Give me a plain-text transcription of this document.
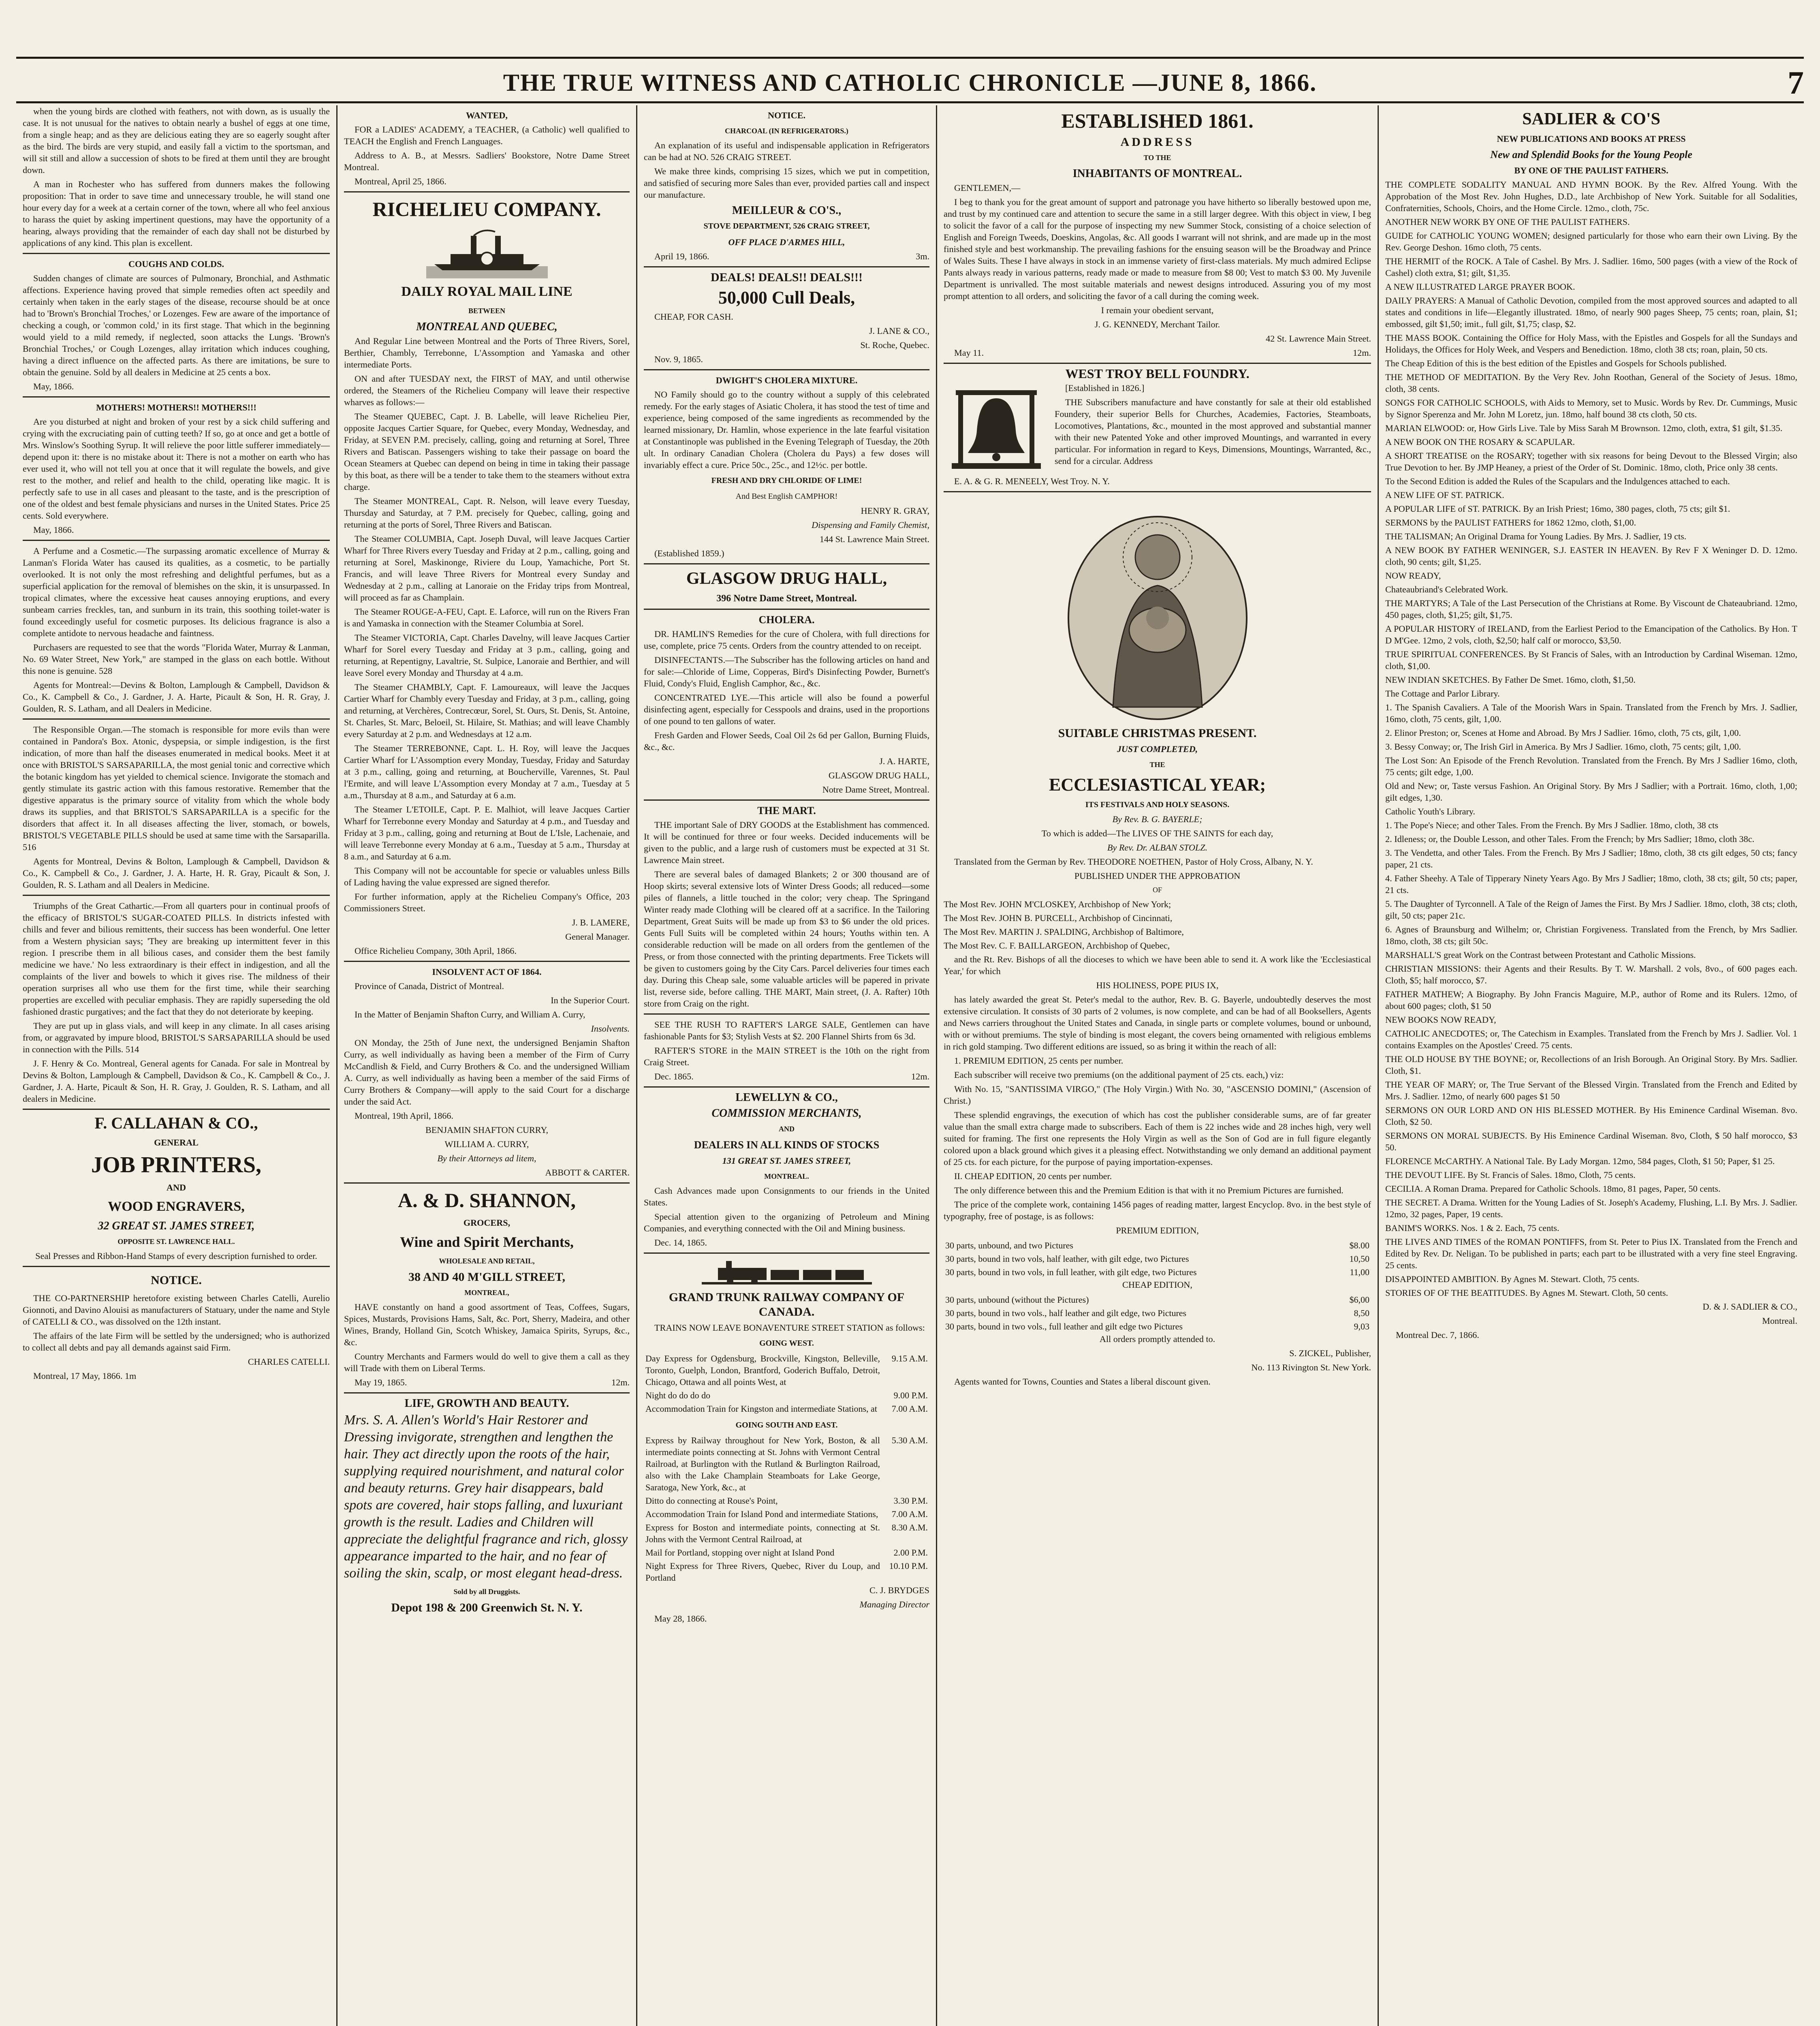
THE TRUE WITNESS AND CATHOLIC CHRONICLE —JUNE 8, 1866.	7

when the young birds are clothed with feathers, not with down, as is usually the case. It is not unusual for the natives to obtain nearly a bushel of eggs at one time, from a single heap; and as they are delicious eating they are so eagerly sought after as the bird. The birds are very stupid, and easily fall a victim to the sportsman, and will sit still and allow a succession of shots to be fired at them until they are brought down.

A man in Rochester who has suffered from dunners makes the following proposition: That in order to save time and unnecessary trouble, he will stand one hour every day for a week at a certain corner of the town, where all who feel anxious to harass the quiet by asking impertinent questions, may have the opportunity of a hearing, always providing that the remainder of each day shall not be disturbed by applications of any kind. This plan is excellent.

COUGHS AND COLDS.

Sudden changes of climate are sources of Pulmonary, Bronchial, and Asthmatic affections. Experience having proved that simple remedies often act speedily and certainly when taken in the early stages of the disease, recourse should be at once had to 'Brown's Bronchial Troches,' or Lozenges. Few are aware of the importance of checking a cough, or 'common cold,' in its first stage. That which in the beginning would yield to a mild remedy, if neglected, soon attacks the Lungs. 'Brown's Bronchial Troches,' or Cough Lozenges, allay irritation which induces coughing, having a direct influence on the affected parts. As there are imitations, be sure to obtain the genuine. Sold by all dealers in Medicine at 25 cents a box.

May, 1866.

MOTHERS! MOTHERS!! MOTHERS!!!

Are you disturbed at night and broken of your rest by a sick child suffering and crying with the excruciating pain of cutting teeth? If so, go at once and get a bottle of Mrs. Winslow's Soothing Syrup. It will relieve the poor little sufferer immediately—depend upon it: there is no mistake about it: There is not a mother on earth who has ever used it, who will not tell you at once that it will regulate the bowels, and give rest to the mother, and relief and health to the child, operating like magic. It is perfectly safe to use in all cases and pleasant to the taste, and is the prescription of one of the oldest and best female physicians and nurses in the United States. Price 25 cents. Sold everywhere.

May, 1866.

A Perfume and a Cosmetic.—The surpassing aromatic excellence of Murray & Lanman's Florida Water has caused its qualities, as a cosmetic, to be partially overlooked. It is not only the most refreshing and delightful perfumes, but as a superficial application for the removal of blemishes on the skin, it is unsurpassed. In tropical climates, where the excessive heat causes annoying eruptions, and every sunbeam carries freckles, tan, and sunburn in its train, this soothing toilet-water is found exceedingly useful for cosmetic purposes. Its delicious fragrance is also a complete antidote to nervous headache and faintness.

Purchasers are requested to see that the words "Florida Water, Murray & Lanman, No. 69 Water Street, New York," are stamped in the glass on each bottle. Without this none is genuine. 528

Agents for Montreal:—Devins & Bolton, Lamplough & Campbell, Davidson & Co., K. Campbell & Co., J. Gardner, J. A. Harte, Picault & Son, H. R. Gray, J. Goulden, R. S. Latham, and all Dealers in Medicine.

The Responsible Organ.—The stomach is responsible for more evils than were contained in Pandora's Box. Atonic, dyspepsia, or simple indigestion, is the first indication, of more than half the diseases enumerated in medical books. Meet it at once with BRISTOL'S SARSAPARILLA, the most genial tonic and corrective which the botanic kingdom has yet yielded to chemical science. Invigorate the stomach and gently stimulate its gastric action with this famous restorative. Remember that the digestive apparatus is the primary source of vitality from which the whole body draws its supplies, and that BRISTOL'S SARSAPARILLA is a specific for the disorders that affect it. In all diseases affecting the liver, stomach, or bowels, BRISTOL'S VEGETABLE PILLS should be used at same time with the Sarsaparilla. 516

Agents for Montreal, Devins & Bolton, Lamplough & Campbell, Davidson & Co., K. Campbell & Co., J. Gardner, J. A. Harte, H. R. Gray, Picault & Son, J. Goulden, R. S. Latham and all Dealers in Medicine.

Triumphs of the Great Cathartic.—From all quarters pour in continual proofs of the efficacy of BRISTOL'S SUGAR-COATED PILLS. In districts infested with chills and fever and bilious remittents, their success has been wonderful. One letter from a Western physician says; 'They are breaking up intermittent fever in this region. I prescribe them in all bilious cases, and consider them the best family medicine we have.' No less extraordinary is their effect in indigestion, and all the complaints of the liver and bowels to which it gives rise. The mildness of their operation surprises all who use them for the first time, while their searching properties are excelled with peculiar emphasis. They are rapidly superseding the old fashioned drastic purgatives; and the fact that they do not deteriorate by keeping.

They are put up in glass vials, and will keep in any climate. In all cases arising from, or aggravated by impure blood, BRISTOL'S SARSAPARILLA should be used in connection with the Pills. 514

J. F. Henry & Co. Montreal, General agents for Canada. For sale in Montreal by Devins & Bolton, Lamplough & Campbell, Davidson & Co., K. Campbell & Co., J. Gardner, J. A. Harte, Picault & Son, H. R. Gray, J. Goulden, R. S. Latham, and all dealers in Medicine.

F. CALLAHAN & CO.,
GENERAL
JOB PRINTERS,
AND
WOOD ENGRAVERS,
32 GREAT ST. JAMES STREET,
OPPOSITE ST. LAWRENCE HALL.

Seal Presses and Ribbon-Hand Stamps of every description furnished to order.

NOTICE.

THE CO-PARTNERSHIP heretofore existing between Charles Catelli, Aurelio Gionnoti, and Davino Alouisi as manufacturers of Statuary, under the name and Style of CATELLI & CO., was dissolved on the 12th instant.

The affairs of the late Firm will be settled by the undersigned; who is authorized to collect all debts and pay all demands against said Firm.

CHARLES CATELLI.

Montreal, 17 May, 1866. 1m

WANTED,

FOR a LADIES' ACADEMY, a TEACHER, (a Catholic) well qualified to TEACH the English and French Languages.

Address to A. B., at Messrs. Sadliers' Bookstore, Notre Dame Street Montreal.

Montreal, April 25, 1866.

RICHELIEU COMPANY.
DAILY ROYAL MAIL LINE
BETWEEN
MONTREAL AND QUEBEC,

And Regular Line between Montreal and the Ports of Three Rivers, Sorel, Berthier, Chambly, Terrebonne, L'Assomption and Yamaska and other intermediate Ports.

ON and after TUESDAY next, the FIRST of MAY, and until otherwise ordered, the Steamers of the Richelieu Company will leave their respective wharves as follows:—

The Steamer QUEBEC, Capt. J. B. Labelle, will leave Richelieu Pier, opposite Jacques Cartier Square, for Quebec, every Monday, Wednesday, and Friday, at SEVEN P.M. precisely, calling, going and returning at Sorel, Three Rivers and Batiscan. Passengers wishing to take their passage on board the Ocean Steamers at Quebec can depend on being in time in taking their passage by this boat, as there will be a tender to take them to the steamers without extra charge.

The Steamer MONTREAL, Capt. R. Nelson, will leave every Tuesday, Thursday and Saturday, at 7 P.M. precisely for Quebec, calling, going and returning at the ports of Sorel, Three Rivers and Batiscan.

The Steamer COLUMBIA, Capt. Joseph Duval, will leave Jacques Cartier Wharf for Three Rivers every Tuesday and Friday at 2 p.m., calling, going and returning at Sorel, Maskinonge, Riviere du Loup, Yamachiche, Port St. Francis, and will leave Three Rivers for Montreal every Sunday and Wednesday at 2 p.m., calling at Lanoraie on the Friday trips from Montreal, will proceed as far as Champlain.

The Steamer ROUGE-A-FEU, Capt. E. Laforce, will run on the Rivers Fran is and Yamaska in connection with the Steamer Columbia at Sorel.

The Steamer VICTORIA, Capt. Charles Davelny, will leave Jacques Cartier Wharf for Sorel every Tuesday and Friday at 3 p.m., calling, going and returning, at Repentigny, Lavaltrie, St. Sulpice, Lanoraie and Berthier, and will leave Sorel every Monday and Thursday at 4 a.m.

The Steamer CHAMBLY, Capt. F. Lamoureaux, will leave the Jacques Cartier Wharf for Chambly every Tuesday and Friday, at 3 p.m., calling, going and returning, at Verchères, Contrecœur, Sorel, St. Ours, St. Denis, St. Antoine, St. Charles, St. Marc, Beloeil, St. Hilaire, St. Mathias; and will leave Chambly every Saturday at 2 p.m. and Wednesdays at 12 a.m.

The Steamer TERREBONNE, Capt. L. H. Roy, will leave the Jacques Cartier Wharf for L'Assomption every Monday, Tuesday, Friday and Saturday at 3 p.m., calling, going and returning, at Boucherville, Varennes, St. Paul l'Ermite, and will leave L'Assomption every Monday at 7 a.m., Tuesday at 5 a.m., Thursday at 8 a.m., and Saturday at 6 a.m.

The Steamer L'ETOILE, Capt. P. E. Malhiot, will leave Jacques Cartier Wharf for Terrebonne every Monday and Saturday at 4 p.m., and Tuesday and Friday at 3 p.m., calling, going and returning at Bout de L'Isle, Lachenaie, and will leave Terrebonne every Monday at 6 a.m., Tuesday at 5 a.m., Thursday at 8 a.m., and Saturday at 6 a.m.

This Company will not be accountable for specie or valuables unless Bills of Lading having the value expressed are signed therefor.

For further information, apply at the Richelieu Company's Office, 203 Commissioners Street.

J. B. LAMERE,

General Manager.

Office Richelieu Company, 30th April, 1866.

INSOLVENT ACT OF 1864.

Province of Canada, District of Montreal.

In the Superior Court.

In the Matter of Benjamin Shafton Curry, and William A. Curry,

Insolvents.

ON Monday, the 25th of June next, the undersigned Benjamin Shafton Curry, as well individually as having been a member of the Firm of Curry McCandlish & Field, and Curry Brothers & Co. and the undersigned William A. Curry, as well individually as having been a member of the said Firms of Curry Brothers & Company—will apply to the said Court for a discharge under the said Act.

Montreal, 19th April, 1866.

BENJAMIN SHAFTON CURRY,

WILLIAM A. CURRY,

By their Attorneys ad litem,

ABBOTT & CARTER.

A. & D. SHANNON,
GROCERS,
Wine and Spirit Merchants,
WHOLESALE AND RETAIL,
38 AND 40 M'GILL STREET,
MONTREAL,

HAVE constantly on hand a good assortment of Teas, Coffees, Sugars, Spices, Mustards, Provisions Hams, Salt, &c. Port, Sherry, Madeira, and other Wines, Brandy, Holland Gin, Scotch Whiskey, Jamaica Spirits, Syrups, &c., &c.

Country Merchants and Farmers would do well to give them a call as they will Trade with them on Liberal Terms.

May 19, 1865.	12m.

LIFE, GROWTH AND BEAUTY.

Mrs. S. A. Allen's World's Hair Restorer and Dressing invigorate, strengthen and lengthen the hair. They act directly upon the roots of the hair, supplying required nourishment, and natural color and beauty returns. Grey hair disappears, bald spots are covered, hair stops falling, and luxuriant growth is the result. Ladies and Children will appreciate the delightful fragrance and rich, glossy appearance imparted to the hair, and no fear of soiling the skin, scalp, or most elegant head-dress.

Sold by all Druggists.
Depot 198 & 200 Greenwich St. N. Y.
NOTICE.
CHARCOAL (IN REFRIGERATORS.)

An explanation of its useful and indispensable application in Refrigerators can be had at NO. 526 CRAIG STREET.

We make three kinds, comprising 15 sizes, which we put in competition, and satisfied of securing more Sales than ever, provided parties call and inspect our manufacture.

MEILLEUR & CO'S.,
STOVE DEPARTMENT, 526 CRAIG STREET,
OFF PLACE D'ARMES HILL,

April 19, 1866.	3m.

DEALS! DEALS!! DEALS!!!
50,000 Cull Deals,

CHEAP, FOR CASH.

J. LANE & CO.,

St. Roche, Quebec.

Nov. 9, 1865.

DWIGHT'S CHOLERA MIXTURE.

NO Family should go to the country without a supply of this celebrated remedy. For the early stages of Asiatic Cholera, it has stood the test of time and experience, being composed of the same ingredients as recommended by the learned missionary, Dr. Hamlin, whose experience in the late fearful visitation at Constantinople was published in the Evening Telegraph of Tuesday, the 20th ult. In ordinary Canadian Cholera (Cholera du Pays) a few doses will invariably effect a cure. Price 50c., 25c., and 12½c. per bottle.

FRESH AND DRY CHLORIDE OF LIME!
And Best English CAMPHOR!

HENRY R. GRAY,

Dispensing and Family Chemist,

144 St. Lawrence Main Street.

(Established 1859.)

GLASGOW DRUG HALL,
396 Notre Dame Street, Montreal.
CHOLERA.

DR. HAMLIN'S Remedies for the cure of Cholera, with full directions for use, complete, price 75 cents. Orders from the country attended to on receipt.

DISINFECTANTS.—The Subscriber has the following articles on hand and for sale:—Chloride of Lime, Copperas, Bird's Disinfecting Powder, Burnett's Fluid, Condy's Fluid, English Camphor, &c., &c.

CONCENTRATED LYE.—This article will also be found a powerful disinfecting agent, especially for Cesspools and drains, used in the proportions of one pound to ten gallons of water.

Fresh Garden and Flower Seeds, Coal Oil 2s 6d per Gallon, Burning Fluids, &c., &c.

J. A. HARTE,

GLASGOW DRUG HALL,

Notre Dame Street, Montreal.

THE MART.

THE important Sale of DRY GOODS at the Establishment has commenced. It will be continued for three or four weeks. Decided inducements will be given to the public, and a large rush of customers must be expected at 31 St. Lawrence Main street.

There are several bales of damaged Blankets; 2 or 300 thousand are of Hoop skirts; several extensive lots of Winter Dress Goods; all reduced—some piles of flannels, a little touched in the color; very cheap. The Springand Winter ready made Clothing will be cleared off at a sacrifice. In the Tailoring Department, Great Suits will be made up from $3 to $6 under the old prices. Gents Full Suits will be completed within 24 hours; Youths within ten. A considerable reduction will be made on all orders from the gentlemen of the Press, or from those connected with the printing departments. Free Tickets will be given to customers going by the City Cars. Parcel deliveries four times each day. During this Cheap sale, some valuable articles will be papered in private list, reverse side, before calling. THE MART, Main street, (J. A. Rafter) 10th store from Craig on the right.

SEE THE RUSH TO RAFTER'S LARGE SALE, Gentlemen can have fashionable Pants for $3; Stylish Vests at $2. 200 Flannel Shirts from 6s 3d.

RAFTER'S STORE in the MAIN STREET is the 10th on the right from Craig Street.

Dec. 1865.	12m.

LEWELLYN & CO.,
COMMISSION MERCHANTS,
AND
DEALERS IN ALL KINDS OF STOCKS
131 GREAT ST. JAMES STREET,
MONTREAL.

Cash Advances made upon Consignments to our friends in the United States.

Special attention given to the organizing of Petroleum and Mining Companies, and everything connected with the Oil and Mining business.

Dec. 14, 1865.

GRAND TRUNK RAILWAY COMPANY OF CANADA.

TRAINS NOW LEAVE BONAVENTURE STREET STATION as follows:

GOING WEST.
Day Express for Ogdensburg, Brockville, Kingston, Belleville, Toronto, Guelph, London, Brantford, Goderich Buffalo, Detroit, Chicago, Ottawa and all points West, at	9.15 A.M.
Night do do do do	9.00 P.M.
Accommodation Train for Kingston and intermediate Stations, at	7.00 A.M.
GOING SOUTH AND EAST.
Express by Railway throughout for New York, Boston, & all intermediate points connecting at St. Johns with Vermont Central Railroad, at Burlington with the Rutland & Burlington Railroad, also with the Lake Champlain Steamboats for Lake George, Saratoga, New York, &c., at	5.30 A.M.
Ditto do connecting at Rouse's Point,	3.30 P.M.
Accommodation Train for Island Pond and intermediate Stations,	7.00 A.M.
Express for Boston and intermediate points, connecting at St. Johns with the Vermont Central Railroad, at	8.30 A.M.
Mail for Portland, stopping over night at Island Pond	2.00 P.M.
Night Express for Three Rivers, Quebec, River du Loup, and Portland	10.10 P.M.

C. J. BRYDGES

Managing Director

May 28, 1866.

ESTABLISHED 1861.
ADDRESS
TO THE
INHABITANTS OF MONTREAL.

GENTLEMEN,—

I beg to thank you for the great amount of support and patronage you have hitherto so liberally bestowed upon me, and trust by my continued care and attention to secure the same in a still larger degree. With this object in view, I beg to solicit the favor of a call for the purpose of inspecting my new Summer Stock, consisting of a choice selection of English and Foreign Tweeds, Doeskins, Angolas, &c. All goods I warrant will not shrink, and are made up in the most finished style and best workmanship. The prevailing fashions for the ensuing season will be the Broadway and Prince of Wales Suits. These I have always in stock in an immense variety of first-class materials. My much admired Eclipse Pants always ready in various patterns, ready made or made to measure from $8 00; Vest to match $3 00. My Juvenile Department is unrivalled. The most suitable materials and newest designs introduced. Assuring you of my most prompt attention to all orders, and soliciting the favor of a call during the coming week.

I remain your obedient servant,

J. G. KENNEDY, Merchant Tailor.

42 St. Lawrence Main Street.

May 11.	12m.

WEST TROY BELL FOUNDRY.

[Established in 1826.]

THE Subscribers manufacture and have constantly for sale at their old established Foundery, their superior Bells for Churches, Academies, Factories, Steamboats, Locomotives, Plantations, &c., mounted in the most approved and substantial manner with their new Patented Yoke and other improved Mountings, and warranted in every particular. For information in regard to Keys, Dimensions, Mountings, Warranted, &c., send for a circular. Address

E. A. & G. R. MENEELY, West Troy. N. Y.

SUITABLE CHRISTMAS PRESENT.
JUST COMPLETED,
THE
ECCLESIASTICAL YEAR;
ITS FESTIVALS AND HOLY SEASONS.

By Rev. B. G. BAYERLE;

To which is added—The LIVES OF THE SAINTS for each day,

By Rev. Dr. ALBAN STOLZ.

Translated from the German by Rev. THEODORE NOETHEN, Pastor of Holy Cross, Albany, N. Y.

PUBLISHED UNDER THE APPROBATION

OF

The Most Rev. JOHN M'CLOSKEY, Archbishop of New York;
The Most Rev. JOHN B. PURCELL, Archbishop of Cincinnati,
The Most Rev. MARTIN J. SPALDING, Archbishop of Baltimore,
The Most Rev. C. F. BAILLARGEON, Archbishop of Quebec,

and the Rt. Rev. Bishops of all the dioceses to which we have been able to send it. A work like the 'Ecclesiastical Year,' for which

HIS HOLINESS, POPE PIUS IX,

has lately awarded the great St. Peter's medal to the author, Rev. B. G. Bayerle, undoubtedly deserves the most extensive circulation. It consists of 30 parts of 2 volumes, is now complete, and can be had of all Booksellers, Agents and News carriers throughout the United States and Canada, in single parts or complete volumes, bound or unbound, with or without premiums. The style of binding is most elegant, the covers being ornamented with religious emblems in rich gold stamping. Two different editions are issued, so as bring it within the reach of all:

1. PREMIUM EDITION, 25 cents per number.

Each subscriber will receive two premiums (on the additional payment of 25 cts. each,) viz:

With No. 15, "SANTISSIMA VIRGO," (The Holy Virgin.) With No. 30, "ASCENSIO DOMINI," (Ascension of Christ.)

These splendid engravings, the execution of which has cost the publisher considerable sums, are of far greater value than the small extra charge made to subscribers. Each of them is 22 inches wide and 28 inches high, very well suited for framing. The first one represents the Holy Virgin as well as the Son of God are in full figure elegantly colored upon a black ground which gives it a pleasing effect. Notwithstanding we only demand an additional payment of 25 cts. for each picture, for the purpose of paying importation-expenses.

II. CHEAP EDITION, 20 cents per number.

The only difference between this and the Premium Edition is that with it no Premium Pictures are furnished.

The price of the complete work, containing 1456 pages of reading matter, largest Encyclop. 8vo. in the best style of typography, free of postage, is as follows:

PREMIUM EDITION,

30 parts, unbound, and two Pictures	$8.00
30 parts, bound in two vols, half leather, with gilt edge, two Pictures	10,50
30 parts, bound in two vols, in full leather, with gilt edge, two Pictures	11,00

CHEAP EDITION,

30 parts, unbound (without the Pictures)	$6,00
30 parts, bound in two vols., half leather and gilt edge, two Pictures	8,50
30 parts, bound in two vols., full leather and gilt edge two Pictures	9,03

All orders promptly attended to.

S. ZICKEL, Publisher,

No. 113 Rivington St. New York.

Agents wanted for Towns, Counties and States a liberal discount given.

SADLIER & CO'S
NEW PUBLICATIONS AND BOOKS AT PRESS
New and Splendid Books for the Young People
BY ONE OF THE PAULIST FATHERS.
THE COMPLETE SODALITY MANUAL AND HYMN BOOK. By the Rev. Alfred Young. With the Approbation of the Most Rev. John Hughes, D.D., late Archbishop of New York. Suitable for all Sodalities, Confraternities, Schools, Choirs, and the Home Circle. 12mo., cloth, 75c.
ANOTHER NEW WORK BY ONE OF THE PAULIST FATHERS.
GUIDE for CATHOLIC YOUNG WOMEN; designed particularly for those who earn their own Living. By the Rev. George Deshon. 16mo cloth, 75 cents.
THE HERMIT of the ROCK. A Tale of Cashel. By Mrs. J. Sadlier. 16mo, 500 pages (with a view of the Rock of Cashel) cloth extra, $1; gilt, $1,35.
A NEW ILLUSTRATED LARGE PRAYER BOOK.
DAILY PRAYERS: A Manual of Catholic Devotion, compiled from the most approved sources and adapted to all states and conditions in life—Elegantly illustrated. 18mo, of nearly 900 pages Sheep, 75 cents; roan, plain, $1; embossed, gilt $1,50; imit., full gilt, $1,75; clasp, $2.
THE MASS BOOK. Containing the Office for Holy Mass, with the Epistles and Gospels for all the Sundays and Holidays, the Offices for Holy Week, and Vespers and Benediction. 18mo, cloth 38 cts; roan, plain, 50 cts.
The Cheap Edition of this is the best edition of the Epistles and Gospels for Schools published.
THE METHOD OF MEDITATION. By the Very Rev. John Roothan, General of the Society of Jesus. 18mo, cloth, 38 cents.
SONGS FOR CATHOLIC SCHOOLS, with Aids to Memory, set to Music. Words by Rev. Dr. Cummings, Music by Signor Sperenza and Mr. John M Loretz, jun. 18mo, half bound 38 cts cloth, 50 cts.
MARIAN ELWOOD: or, How Girls Live. Tale by Miss Sarah M Brownson. 12mo, cloth, extra, $1 gilt, $1.35.
A NEW BOOK ON THE ROSARY & SCAPULAR.
A SHORT TREATISE on the ROSARY; together with six reasons for being Devout to the Blessed Virgin; also True Devotion to her. By JMP Heaney, a priest of the Order of St. Dominic. 18mo, cloth, Price only 38 cents.
To the Second Edition is added the Rules of the Scapulars and the Indulgences attached to each.
A NEW LIFE OF ST. PATRICK.
A POPULAR LIFE of ST. PATRICK. By an Irish Priest; 16mo, 380 pages, cloth, 75 cts; gilt $1.
SERMONS by the PAULIST FATHERS for 1862 12mo, cloth, $1,00.
THE TALISMAN; An Original Drama for Young Ladies. By Mrs. J. Sadlier, 19 cts.
A NEW BOOK BY FATHER WENINGER, S.J. EASTER IN HEAVEN. By Rev F X Weninger D. D. 12mo. cloth, 90 cents; gilt, $1,25.
NOW READY,
Chateaubriand's Celebrated Work.
THE MARTYRS; A Tale of the Last Persecution of the Christians at Rome. By Viscount de Chateaubriand. 12mo, 450 pages, cloth, $1,25; gilt, $1,75.
A POPULAR HISTORY of IRELAND, from the Earliest Period to the Emancipation of the Catholics. By Hon. T D M'Gee. 12mo, 2 vols, cloth, $2,50; half calf or morocco, $3,50.
TRUE SPIRITUAL CONFERENCES. By St Francis of Sales, with an Introduction by Cardinal Wiseman. 12mo, cloth, $1,00.
NEW INDIAN SKETCHES. By Father De Smet. 16mo, cloth, $1,50.
The Cottage and Parlor Library.
1. The Spanish Cavaliers. A Tale of the Moorish Wars in Spain. Translated from the French by Mrs. J. Sadlier, 16mo, cloth, 75 cents, gilt, 1,00.
2. Elinor Preston; or, Scenes at Home and Abroad. By Mrs J Sadlier. 16mo, cloth, 75 cts, gilt, 1,00.
3. Bessy Conway; or, The Irish Girl in America. By Mrs J Sadlier. 16mo, cloth, 75 cents; gilt, 1,00.
The Lost Son: An Episode of the French Revolution. Translated from the French. By Mrs J Sadlier 16mo, cloth, 75 cents; gilt edge, 1,00.
Old and New; or, Taste versus Fashion. An Original Story. By Mrs J Sadlier; with a Portrait. 16mo, cloth, 1,00; gilt edges, 1,30.
Catholic Youth's Library.
1. The Pope's Niece; and other Tales. From the French. By Mrs J Sadlier. 18mo, cloth, 38 cts
2. Idleness; or, the Double Lesson, and other Tales. From the French; by Mrs Sadlier; 18mo, cloth 38c.
3. The Vendetta, and other Tales. From the French. By Mrs J Sadlier; 18mo, cloth, 38 cts gilt edges, 50 cts; fancy paper, 21 cts.
4. Father Sheehy. A Tale of Tipperary Ninety Years Ago. By Mrs J Sadlier; 18mo, cloth, 38 cts; gilt, 50 cts; paper, 21 cts.
5. The Daughter of Tyrconnell. A Tale of the Reign of James the First. By Mrs J Sadlier. 18mo, cloth, 38 cts; cloth, gilt, 50 cts; paper 21c.
6. Agnes of Braunsburg and Wilhelm; or, Christian Forgiveness. Translated from the French, by Mrs Sadlier. 18mo, cloth, 38 cts; gilt 50c.
MARSHALL'S great Work on the Contrast between Protestant and Catholic Missions.
CHRISTIAN MISSIONS: their Agents and their Results. By T. W. Marshall. 2 vols, 8vo., of 600 pages each. Cloth, $5; half morocco, $7.
FATHER MATHEW; A Biography. By John Francis Maguire, M.P., author of Rome and its Rulers. 12mo, of about 600 pages; cloth, $1 50
NEW BOOKS NOW READY,
CATHOLIC ANECDOTES; or, The Catechism in Examples. Translated from the French by Mrs J. Sadlier. Vol. 1 contains Examples on the Apostles' Creed. 75 cents.
THE OLD HOUSE BY THE BOYNE; or, Recollections of an Irish Borough. An Original Story. By Mrs. Sadlier. Cloth, $1.
THE YEAR OF MARY; or, The True Servant of the Blessed Virgin. Translated from the French and Edited by Mrs. J. Sadlier. 12mo, of nearly 600 pages $1 50
SERMONS ON OUR LORD AND ON HIS BLESSED MOTHER. By His Eminence Cardinal Wiseman. 8vo. Cloth, $2 50.
SERMONS ON MORAL SUBJECTS. By His Eminence Cardinal Wiseman. 8vo, Cloth, $ 50 half morocco, $3 50.
FLORENCE McCARTHY. A National Tale. By Lady Morgan. 12mo, 584 pages, Cloth, $1 50; Paper, $1 25.
THE DEVOUT LIFE. By St. Francis of Sales. 18mo, Cloth, 75 cents.
CECILIA. A Roman Drama. Prepared for Catholic Schools. 18mo, 81 pages, Paper, 50 cents.
THE SECRET. A Drama. Written for the Young Ladies of St. Joseph's Academy, Flushing, L.I. By Mrs. J. Sadlier. 12mo, 32 pages, Paper, 19 cents.
BANIM'S WORKS. Nos. 1 & 2. Each, 75 cents.
THE LIVES AND TIMES of the ROMAN PONTIFFS, from St. Peter to Pius IX. Translated from the French and Edited by Rev. Dr. Neligan. To be published in parts; each part to be illustrated with a very fine steel Engraving. 25 cents.
DISAPPOINTED AMBITION. By Agnes M. Stewart. Cloth, 75 cents.
STORIES OF OF THE BEATITUDES. By Agnes M. Stewart. Cloth, 50 cents.

D. & J. SADLIER & CO.,

Montreal.

Montreal Dec. 7, 1866.
